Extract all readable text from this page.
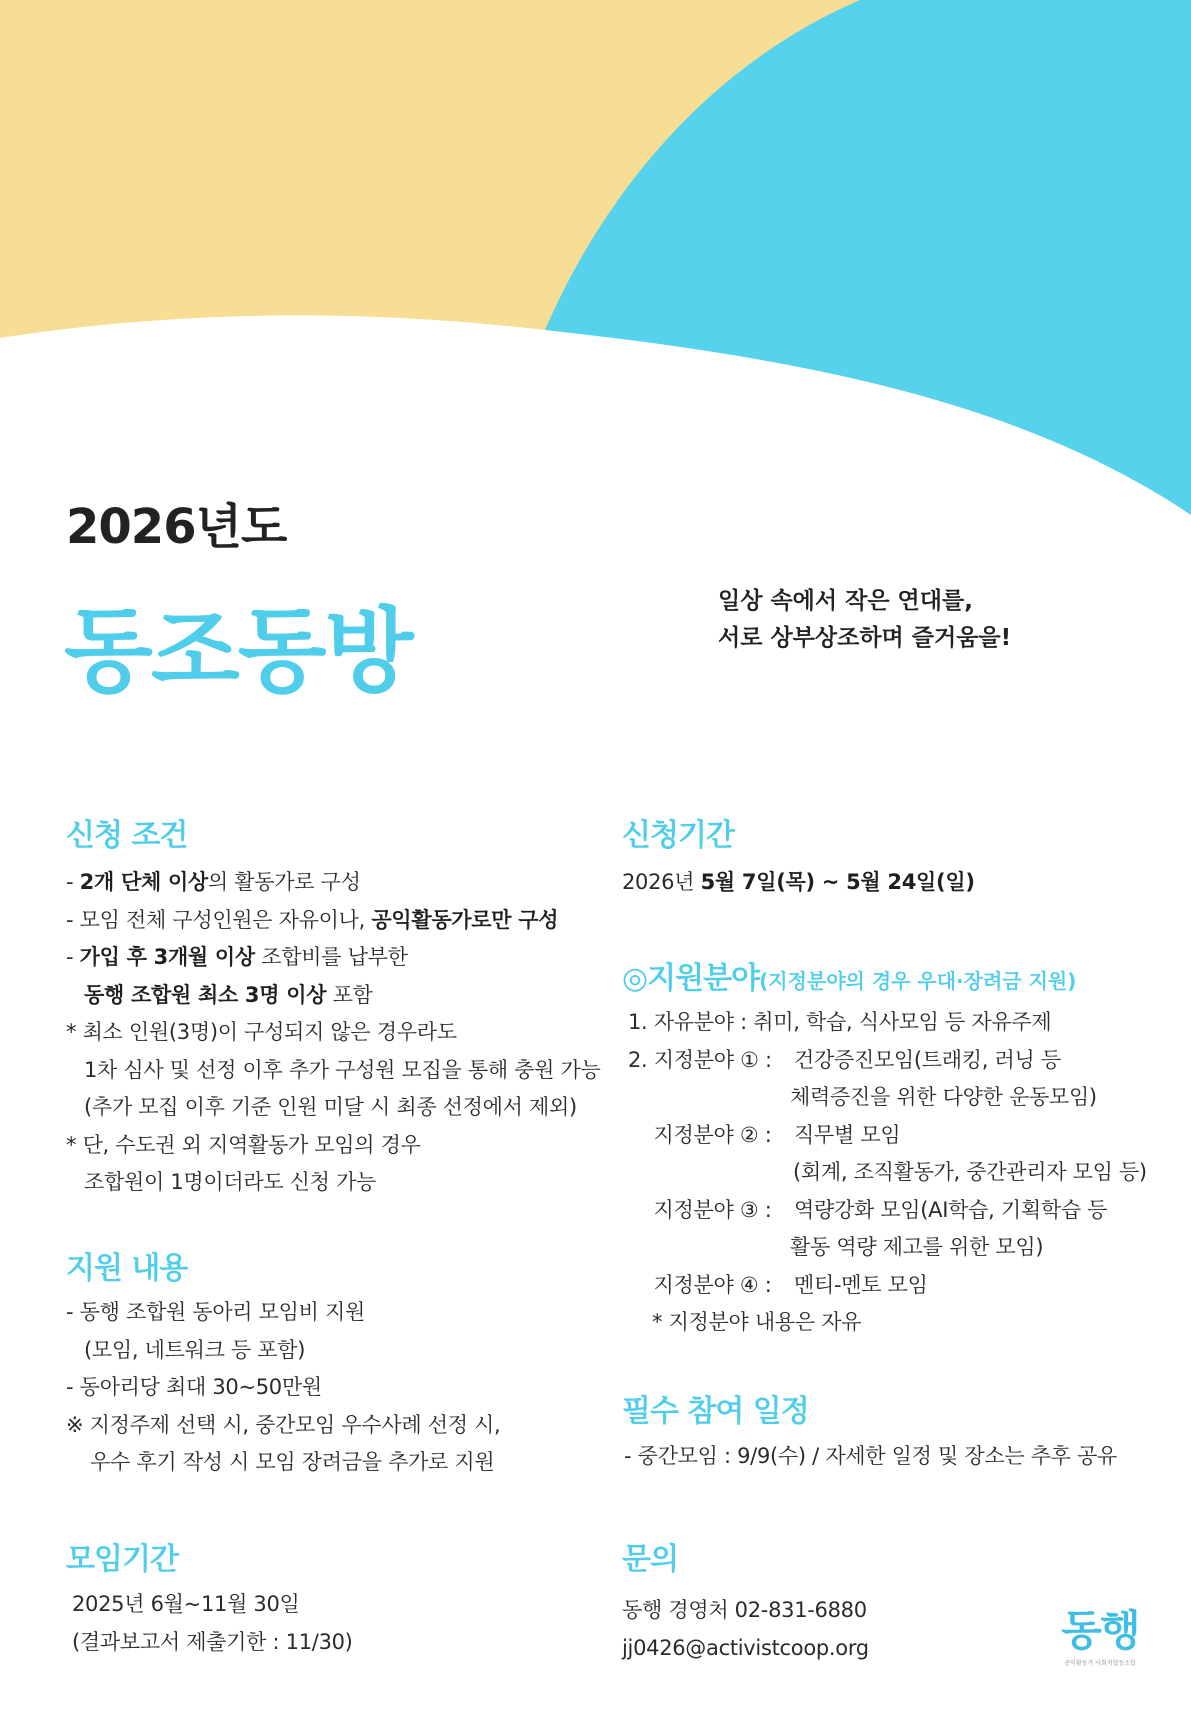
2026년도
동조동방	일상 속에서 작은 연대를,
서로 상부상조하며 즐거움을!
신청 조건
- 2개 단체 이상의 활동가로 구성
- 모임 전체 구성인원은 자유이나, 공익활동가로만 구성
- 가입 후 3개월 이상 조합비를 납부한
동행 조합원 최소 3명 이상 포함
* 최소 인원(3명)이 구성되지 않은 경우라도
1차 심사 및 선정 이후 추가 구성원 모집을 통해 충원 가능
(추가 모집 이후 기준 인원 미달 시 최종 선정에서 제외)
* 단, 수도권 외 지역활동가 모임의 경우
조합원이 1명이더라도 신청 가능
지원 내용
- 동행 조합원 동아리 모임비 지원
(모임, 네트워크 등 포함)
- 동아리당 최대 30~50만원
※ 지정주제 선택 시, 중간모임 우수사례 선정 시,
우수 후기 작성 시 모임 장려금을 추가로 지원
모임기간
2025년 6월~11월 30일
(결과보고서 제출기한 : 11/30)
신청기간
2026년 5월 7일(목) ~ 5월 24일(일)
◎지원분야(지정분야의 경우 우대·장려금 지원)
1. 자유분야 : 취미, 학습, 식사모임 등 자유주제
2. 지정분야 ① : 건강증진모임(트래킹, 러닝 등
체력증진을 위한 다양한 운동모임)
지정분야 ② : 직무별 모임
(회계, 조직활동가, 중간관리자 모임 등)
지정분야 ③ : 역량강화 모임(AI학습, 기획학습 등
활동 역량 제고를 위한 모임)
지정분야 ④ : 멘티-멘토 모임
* 지정분야 내용은 자유
필수 참여 일정
- 중간모임 : 9/9(수) / 자세한 일정 및 장소는 추후 공유
문의
동행 경영처 02-831-6880
jj0426@activistcoop.org	동행
공익활동가 사회적협동조합
